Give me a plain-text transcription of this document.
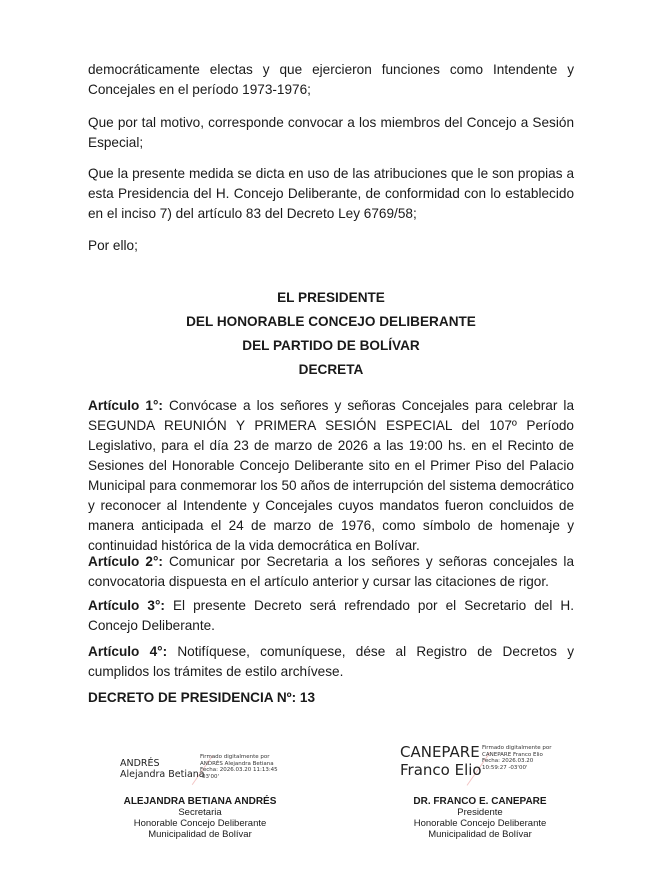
democráticamente electas y que ejercieron funciones como Intendente y Concejales en el período 1973-1976;

Que por tal motivo, corresponde convocar a los miembros del Concejo a Sesión Especial;

Que la presente medida se dicta en uso de las atribuciones que le son propias a esta Presidencia del H. Concejo Deliberante, de conformidad con lo establecido en el inciso 7) del artículo 83 del Decreto Ley 6769/58;

Por ello;

EL PRESIDENTE
DEL HONORABLE CONCEJO DELIBERANTE
DEL PARTIDO DE BOLÍVAR
DECRETA

Artículo 1°: Convócase a los señores y señoras Concejales para celebrar la SEGUNDA REUNIÓN Y PRIMERA SESIÓN ESPECIAL del 107º Período Legislativo, para el día 23 de marzo de 2026 a las 19:00 hs. en el Recinto de Sesiones del Honorable Concejo Deliberante sito en el Primer Piso del Palacio Municipal para conmemorar los 50 años de interrupción del sistema democrático y reconocer al Intendente y Concejales cuyos mandatos fueron concluidos de manera anticipada el 24 de marzo de 1976, como símbolo de homenaje y continuidad histórica de la vida democrática en Bolívar.

Artículo 2°: Comunicar por Secretaria a los señores y señoras concejales la convocatoria dispuesta en el artículo anterior y cursar las citaciones de rigor.

Artículo 3°: El presente Decreto será refrendado por el Secretario del H. Concejo Deliberante.

Artículo 4°: Notifíquese, comuníquese, dése al Registro de Decretos y cumplidos los trámites de estilo archívese.

DECRETO DE PRESIDENCIA Nº: 13

ANDRÉS
Alejandra Betiana
Firmado digitalmente por
ANDRÉS Alejandra Betiana
Fecha: 2026.03.20 11:13:45
-03'00'
CANEPARE
Franco Elio
Firmado digitalmente por
CANEPARE Franco Elio
Fecha: 2026.03.20
10:59:27 -03'00'
ALEJANDRA BETIANA ANDRÉS
Secretaria
Honorable Concejo Deliberante
Municipalidad de Bolívar
DR. FRANCO E. CANEPARE
Presidente
Honorable Concejo Deliberante
Municipalidad de Bolívar
